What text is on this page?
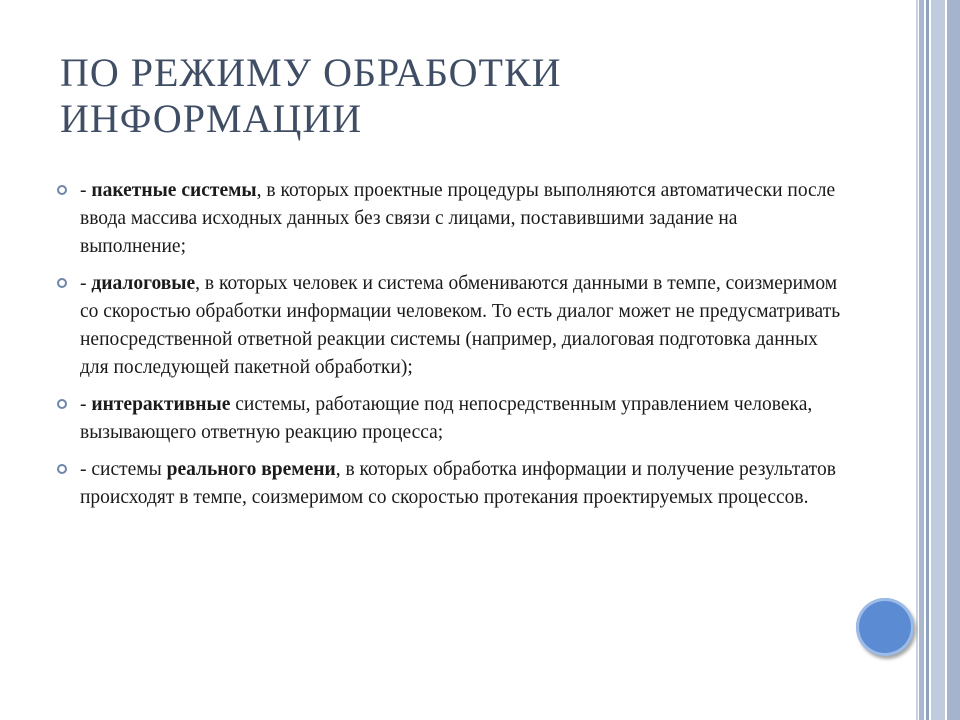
ПО РЕЖИМУ ОБРАБОТКИ
ИНФОРМАЦИИ
- пакетные системы, в которых проектные процедуры выполняются автоматически после ввода массива исходных данных без связи с лицами, поставившими задание на выполнение;
- диалоговые, в которых человек и система обмениваются данными в темпе, соизмеримом со скоростью обработки информации человеком. То есть диалог может не предусматривать непосредственной ответной реакции системы (например, диалоговая подготовка данных для последующей пакетной обработки);
- интерактивные системы, работающие под непосредственным управлением человека, вызывающего ответную реакцию процесса;
- системы реального времени, в которых обработка информации и получение результатов происходят в темпе, соизмеримом со скоростью протекания проектируемых процессов.
